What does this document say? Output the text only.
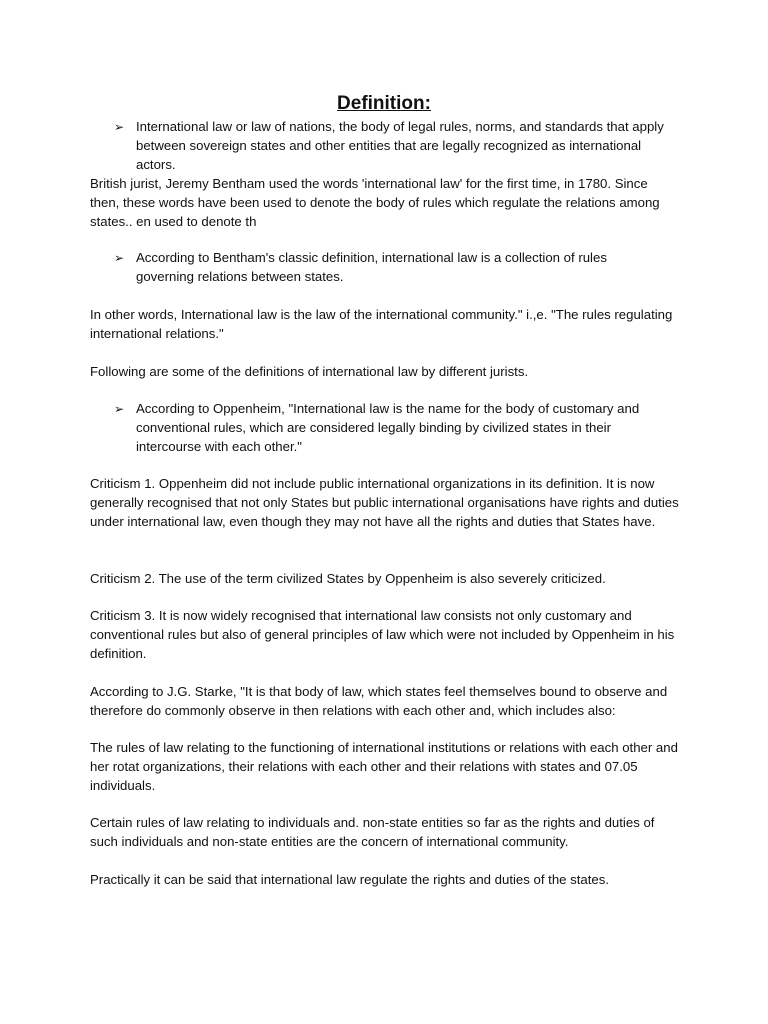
Definition:
➢ International law or law of nations, the body of legal rules, norms, and standards that apply between sovereign states and other entities that are legally recognized as international actors.

British jurist, Jeremy Bentham used the words 'international law' for the first time, in 1780. Since then, these words have been used to denote the body of rules which regulate the relations among states.. en used to denote th

➢ According to Bentham's classic definition, international law is a collection of rules governing relations between states.

In other words, International law is the law of the international community." i.,e. "The rules regulating international relations."

Following are some of the definitions of international law by different jurists.

➢ According to Oppenheim, "International law is the name for the body of customary and conventional rules, which are considered legally binding by civilized states in their intercourse with each other."

Criticism 1. Oppenheim did not include public international organizations in its definition. It is now generally recognised that not only States but public international organisations have rights and duties under international law, even though they may not have all the rights and duties that States have.

Criticism 2. The use of the term civilized States by Oppenheim is also severely criticized.

Criticism 3. It is now widely recognised that international law consists not only customary and conventional rules but also of general principles of law which were not included by Oppenheim in his definition.

According to J.G. Starke, "It is that body of law, which states feel themselves bound to observe and therefore do commonly observe in then relations with each other and, which includes also:

The rules of law relating to the functioning of international institutions or relations with each other and her rotat organizations, their relations with each other and their relations with states and 07.05 individuals.

Certain rules of law relating to individuals and. non-state entities so far as the rights and duties of such individuals and non-state entities are the concern of international community.

Practically it can be said that international law regulate the rights and duties of the states.
